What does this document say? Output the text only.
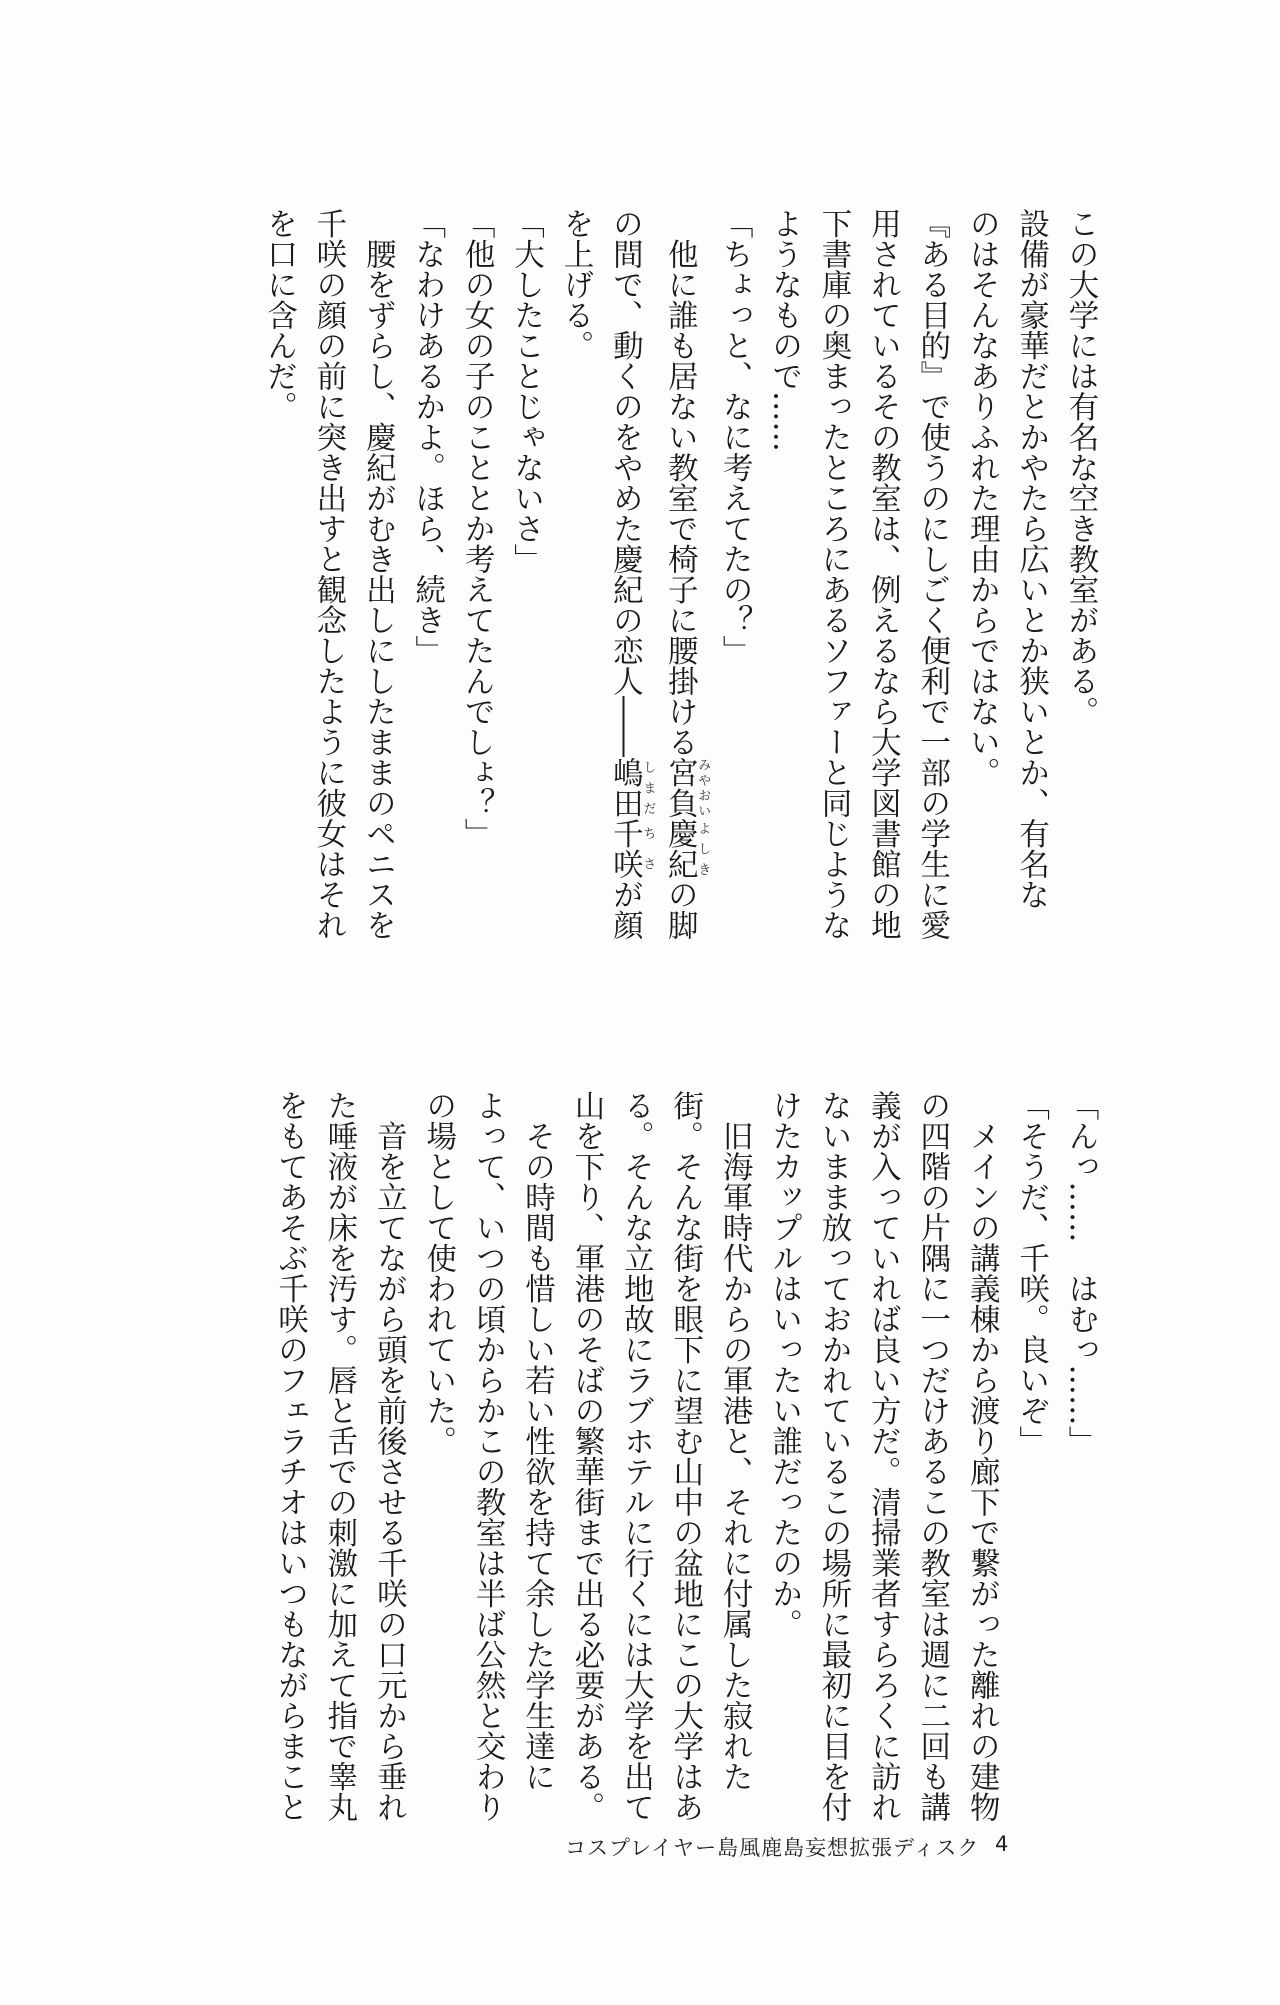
この大学には有名な空き教室がある。
設備が豪華だとかやたら広いとか狭いとか、有名な
のはそんなありふれた理由からではない。
『ある目的』で使うのにしごく便利で一部の学生に愛
用されているその教室は、例えるなら大学図書館の地
下書庫の奥まったところにあるソファーと同じような
ようなもので……
「ちょっと、なに考えてたの？」
　他に誰も居ない教室で椅子に腰掛ける宮負みやおい慶紀よしきの脚
の間で、動くのをやめた慶紀の恋人――嶋田しまだ千咲ちさが顔
を上げる。
「大したことじゃないさ」
「他の女の子のこととか考えてたんでしょ？」
「なわけあるかよ。ほら、続き」
　腰をずらし、慶紀がむき出しにしたままのペニスを
千咲の顔の前に突き出すと観念したように彼女はそれ
を口に含んだ。
「んっ……　はむっ……」
「そうだ、千咲。良いぞ」
　メインの講義棟から渡り廊下で繋がった離れの建物
の四階の片隅に一つだけあるこの教室は週に二回も講
義が入っていれば良い方だ。清掃業者すらろくに訪れ
ないまま放っておかれているこの場所に最初に目を付
けたカップルはいったい誰だったのか。
　旧海軍時代からの軍港と、それに付属した寂れた
街。そんな街を眼下に望む山中の盆地にこの大学はあ
る。そんな立地故にラブホテルに行くには大学を出て
山を下り、軍港のそばの繁華街まで出る必要がある。
　その時間も惜しい若い性欲を持て余した学生達に
よって、いつの頃からかこの教室は半ば公然と交わり
の場として使われていた。
　音を立てながら頭を前後させる千咲の口元から垂れ
た唾液が床を汚す。唇と舌での刺激に加えて指で睾丸
をもてあそぶ千咲のフェラチオはいつもながらまこと
コスプレイヤー島風鹿島妄想拡張ディスク 4
